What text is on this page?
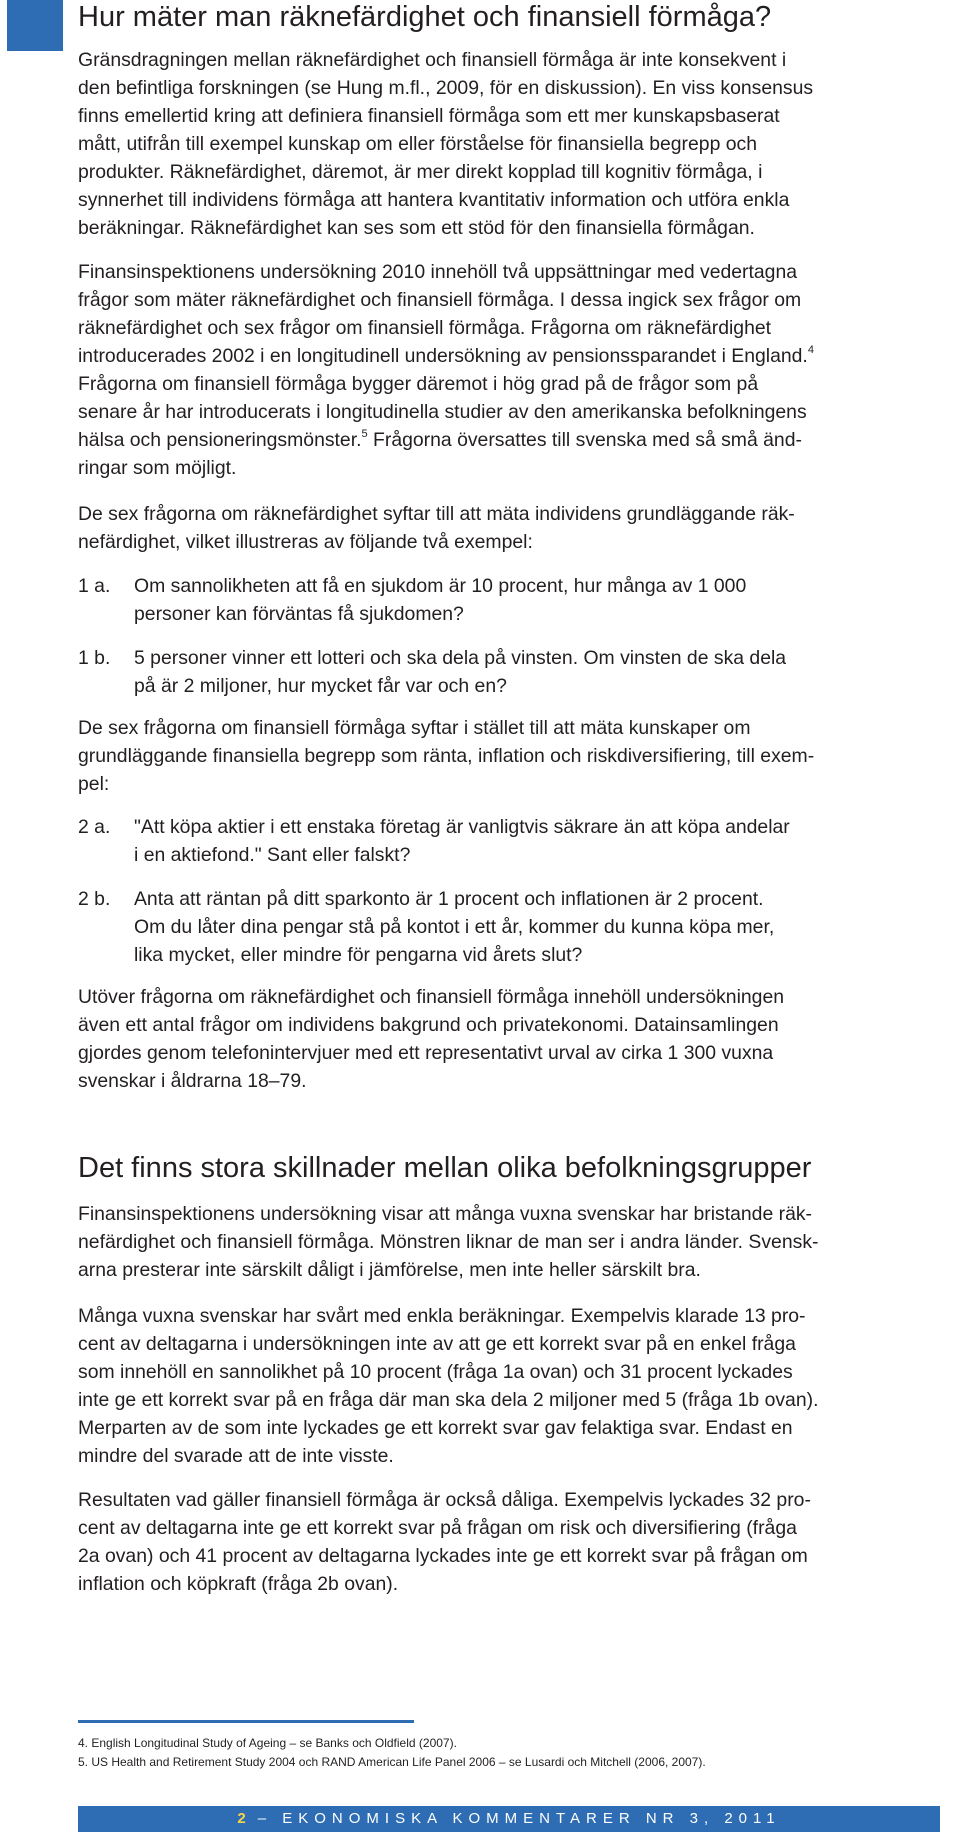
Hur mäter man räknefärdighet och finansiell förmåga?

Gränsdragningen mellan räknefärdighet och finansiell förmåga är inte konsekvent i
den befintliga forskningen (se Hung m.fl., 2009, för en diskussion). En viss konsensus
finns emellertid kring att definiera finansiell förmåga som ett mer kunskapsbaserat
mått, utifrån till exempel kunskap om eller förståelse för finansiella begrepp och
produkter. Räknefärdighet, däremot, är mer direkt kopplad till kognitiv förmåga, i
synnerhet till individens förmåga att hantera kvantitativ information och utföra enkla
beräkningar. Räknefärdighet kan ses som ett stöd för den finansiella förmågan.

Finansinspektionens undersökning 2010 innehöll två uppsättningar med vedertagna
frågor som mäter räknefärdighet och finansiell förmåga. I dessa ingick sex frågor om
räknefärdighet och sex frågor om finansiell förmåga. Frågorna om räknefärdighet
introducerades 2002 i en longitudinell undersökning av pensionssparandet i England.$^4$
Frågorna om finansiell förmåga bygger däremot i hög grad på de frågor som på
senare år har introducerats i longitudinella studier av den amerikanska befolkningens
hälsa och pensioneringsmönster.$^5$ Frågorna översattes till svenska med så små änd-
ringar som möjligt.

De sex frågorna om räknefärdighet syftar till att mäta individens grundläggande räk-
nefärdighet, vilket illustreras av följande två exempel:

1 a.	Om sannolikheten att få en sjukdom är 10 procent, hur många av 1 000
personer kan förväntas få sjukdomen?
1 b.	5 personer vinner ett lotteri och ska dela på vinsten. Om vinsten de ska dela
på är 2 miljoner, hur mycket får var och en?

De sex frågorna om finansiell förmåga syftar i stället till att mäta kunskaper om
grundläggande finansiella begrepp som ränta, inflation och riskdiversifiering, till exem-
pel:

2 a.	"Att köpa aktier i ett enstaka företag är vanligtvis säkrare än att köpa andelar
i en aktiefond." Sant eller falskt?
2 b.	Anta att räntan på ditt sparkonto är 1 procent och inflationen är 2 procent.
Om du låter dina pengar stå på kontot i ett år, kommer du kunna köpa mer,
lika mycket, eller mindre för pengarna vid årets slut?

Utöver frågorna om räknefärdighet och finansiell förmåga innehöll undersökningen
även ett antal frågor om individens bakgrund och privatekonomi. Datainsamlingen
gjordes genom telefonintervjuer med ett representativt urval av cirka 1 300 vuxna
svenskar i åldrarna 18–79.

Det finns stora skillnader mellan olika befolkningsgrupper

Finansinspektionens undersökning visar att många vuxna svenskar har bristande räk-
nefärdighet och finansiell förmåga. Mönstren liknar de man ser i andra länder. Svensk-
arna presterar inte särskilt dåligt i jämförelse, men inte heller särskilt bra.

Många vuxna svenskar har svårt med enkla beräkningar. Exempelvis klarade 13 pro-
cent av deltagarna i undersökningen inte av att ge ett korrekt svar på en enkel fråga
som innehöll en sannolikhet på 10 procent (fråga 1a ovan) och 31 procent lyckades
inte ge ett korrekt svar på en fråga där man ska dela 2 miljoner med 5 (fråga 1b ovan).
Merparten av de som inte lyckades ge ett korrekt svar gav felaktiga svar. Endast en
mindre del svarade att de inte visste.

Resultaten vad gäller finansiell förmåga är också dåliga. Exempelvis lyckades 32 pro-
cent av deltagarna inte ge ett korrekt svar på frågan om risk och diversifiering (fråga
2a ovan) och 41 procent av deltagarna lyckades inte ge ett korrekt svar på frågan om
inflation och köpkraft (fråga 2b ovan).

4. English Longitudinal Study of Ageing – se Banks och Oldfield (2007).
5. US Health and Retirement Study 2004 och RAND American Life Panel 2006 – se Lusardi och Mitchell (2006, 2007).
2 – EKONOMISKA KOMMENTARER NR 3, 2011
